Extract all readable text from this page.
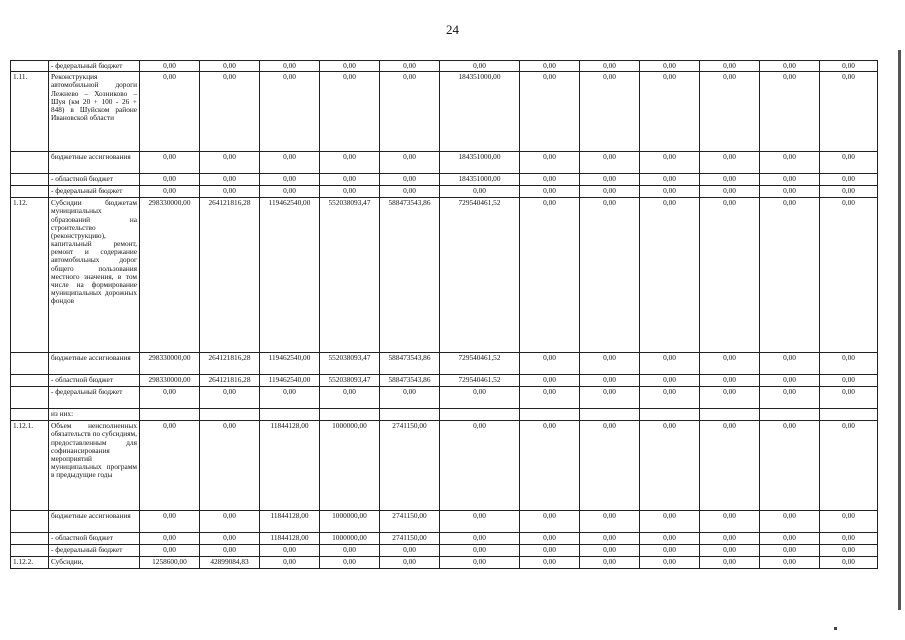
24
	- федеральный бюджет	0,00	0,00	0,00	0,00	0,00	0,00	0,00	0,00	0,00	0,00	0,00	0,00
1.11.	Реконструкция автомобильной дороги Лежнево – Хозниково – Шуя (км 20 + 100 - 26 + 848) в Шуйском районе Ивановской области	0,00	0,00	0,00	0,00	0,00	184351000,00	0,00	0,00	0,00	0,00	0,00	0,00
	бюджетные ассигнования	0,00	0,00	0,00	0,00	0,00	184351000,00	0,00	0,00	0,00	0,00	0,00	0,00
	- областной бюджет	0,00	0,00	0,00	0,00	0,00	184351000,00	0,00	0,00	0,00	0,00	0,00	0,00
	- федеральный бюджет	0,00	0,00	0,00	0,00	0,00	0,00	0,00	0,00	0,00	0,00	0,00	0,00
1.12.	Субсидии бюджетам муниципальных образований на строительство (реконструкцию), капитальный ремонт, ремонт и содержание автомобильных дорог общего пользования местного значения, в том числе на формирование муниципальных дорожных фондов	298330000,00	264121816,28	119462540,00	552038093,47	588473543,86	729540461,52	0,00	0,00	0,00	0,00	0,00	0,00
	бюджетные ассигнования	298330000,00	264121816,28	119462540,00	552038093,47	588473543,86	729540461,52	0,00	0,00	0,00	0,00	0,00	0,00
	- областной бюджет	298330000,00	264121816,28	119462540,00	552038093,47	588473543,86	729540461,52	0,00	0,00	0,00	0,00	0,00	0,00
	- федеральный бюджет	0,00	0,00	0,00	0,00	0,00	0,00	0,00	0,00	0,00	0,00	0,00	0,00
	из них:												
1.12.1.	Объем неисполненных обязательств по субсидиям, предоставленным для софинансирования мероприятий муниципальных программ в предыдущие годы	0,00	0,00	11844128,00	1000000,00	2741150,00	0,00	0,00	0,00	0,00	0,00	0,00	0,00
	бюджетные ассигнования	0,00	0,00	11844128,00	1000000,00	2741150,00	0,00	0,00	0,00	0,00	0,00	0,00	0,00
	- областной бюджет	0,00	0,00	11844128,00	1000000,00	2741150,00	0,00	0,00	0,00	0,00	0,00	0,00	0,00
	- федеральный бюджет	0,00	0,00	0,00	0,00	0,00	0,00	0,00	0,00	0,00	0,00	0,00	0,00
1.12.2.	Субсидии,	1258600,00	42899084,83	0,00	0,00	0,00	0,00	0,00	0,00	0,00	0,00	0,00	0,00
